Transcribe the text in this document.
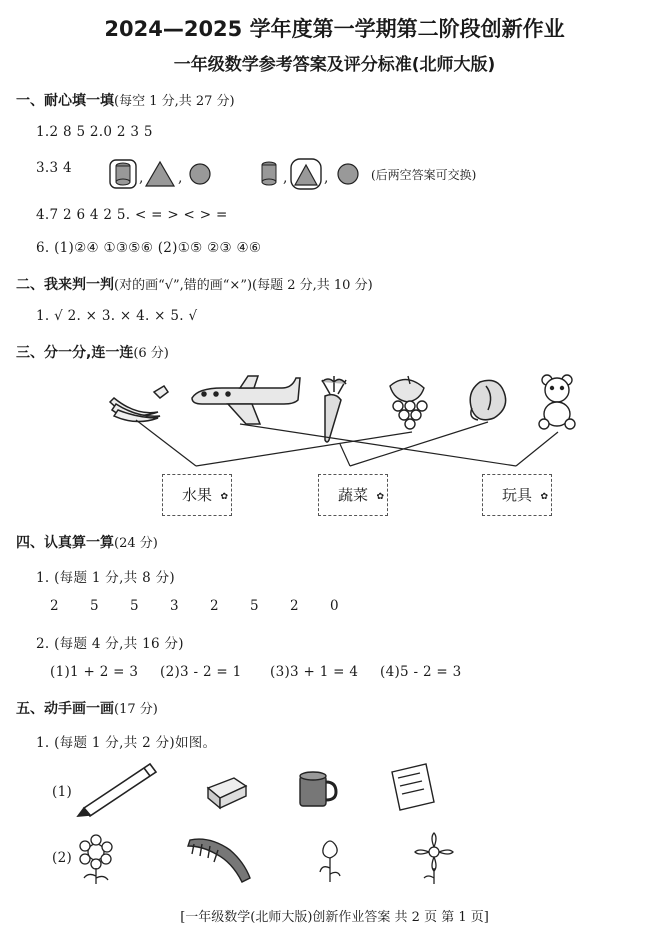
2024—2025 学年度第一学期第二阶段创新作业
一年级数学参考答案及评分标准(北师大版)
一、耐心填一填(每空 1 分,共 27 分)
1.2 8 5 2.0 2 3 5
3.3 4
, ,	,	,	(后两空答案可交换)
4.7 2 6 4 2 5. < = > < > =
6. (1)②④ ①③⑤⑥ (2)①⑤ ②③ ④⑥
二、我来判一判(对的画“√”,错的画“×”)(每题 2 分,共 10 分)
1. √ 2. × 3. × 4. × 5. √
三、分一分,连一连(6 分)
✿
水果	✿
蔬菜	✿
玩具
四、认真算一算(24 分)
1. (每题 1 分,共 8 分)
2 5 5 3 2 5 2 0
2. (每题 4 分,共 16 分)
(1)1 + 2 = 3 (2)3 - 2 = 1 (3)3 + 1 = 4 (4)5 - 2 = 3
五、动手画一画(17 分)
1. (每题 1 分,共 2 分)如图。
(1)
(2)
[一年级数学(北师大版)创新作业答案 共 2 页 第 1 页]
